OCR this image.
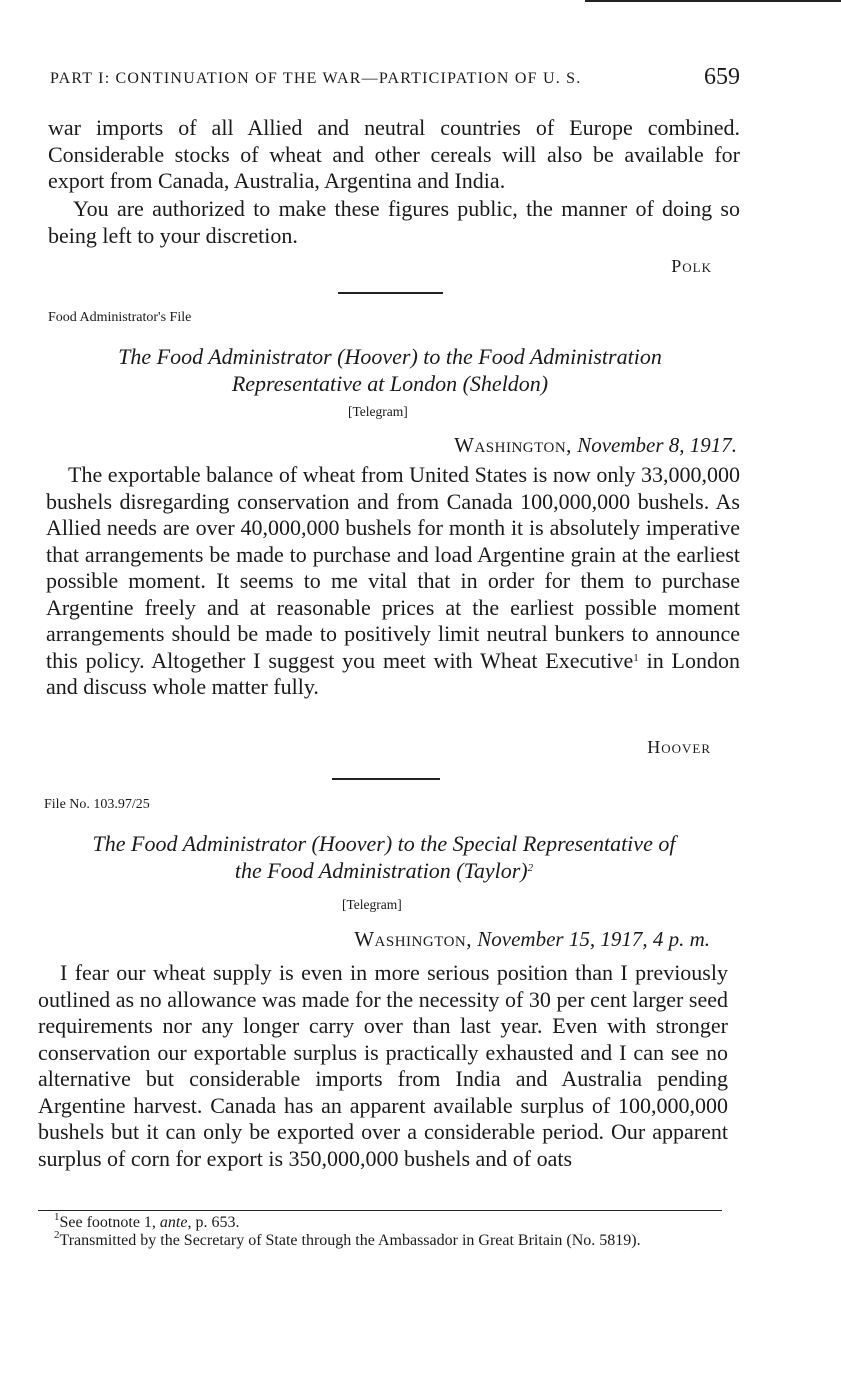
PART I: CONTINUATION OF THE WAR—PARTICIPATION OF U. S.	659

war imports of all Allied and neutral countries of Europe combined. Considerable stocks of wheat and other cereals will also be available for export from Canada, Australia, Argentina and India.

You are authorized to make these figures public, the manner of doing so being left to your discretion.

Polk
Food Administrator's File

The Food Administrator (Hoover) to the Food Administration
Representative at London (Sheldon)

[Telegram]
Washington, November 8, 1917.

The exportable balance of wheat from United States is now only 33,000,000 bushels disregarding conservation and from Canada 100,000,000 bushels. As Allied needs are over 40,000,000 bushels for month it is absolutely imperative that arrangements be made to purchase and load Argentine grain at the earliest possible moment. It seems to me vital that in order for them to purchase Argentine freely and at reasonable prices at the earliest possible moment arrangements should be made to positively limit neutral bunkers to announce this policy. Altogether I suggest you meet with Wheat Executive$^1$ in London and discuss whole matter fully.

Hoover
File No. 103.97/25

The Food Administrator (Hoover) to the Special Representative of
the Food Administration (Taylor)$^2$

[Telegram]
Washington, November 15, 1917, 4 p. m.

I fear our wheat supply is even in more serious position than I previously outlined as no allowance was made for the necessity of 30 per cent larger seed requirements nor any longer carry over than last year. Even with stronger conservation our exportable surplus is practically exhausted and I can see no alternative but considerable imports from India and Australia pending Argentine harvest. Canada has an apparent available surplus of 100,000,000 bushels but it can only be exported over a considerable period. Our apparent surplus of corn for export is 350,000,000 bushels and of oats

$^1$See footnote 1, ante, p. 653.

$^2$Transmitted by the Secretary of State through the Ambassador in Great Britain (No. 5819).
